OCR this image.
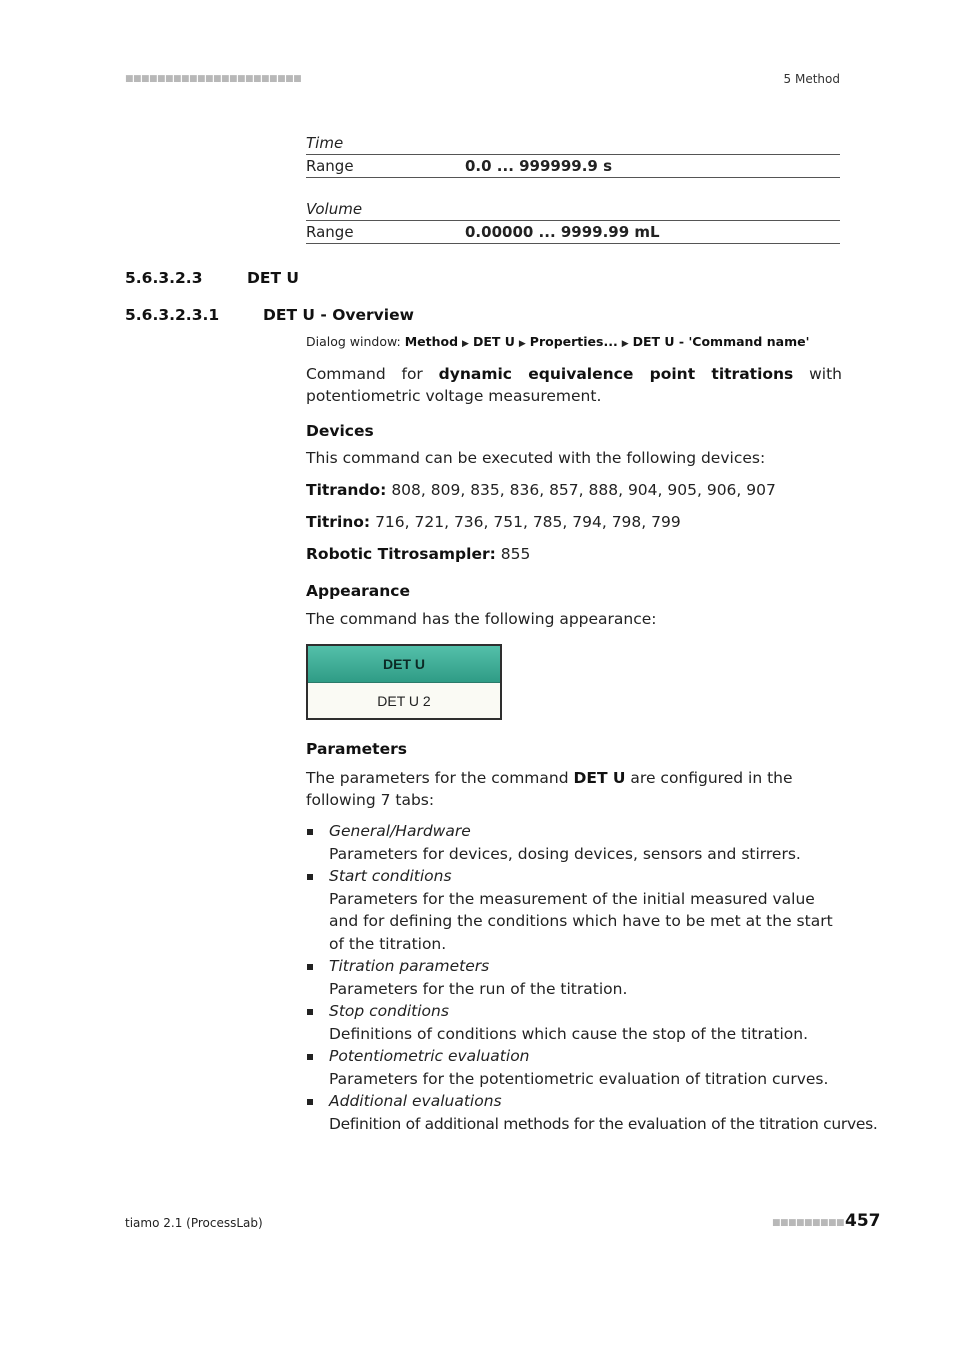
■■■■■■■■■■■■■■■■■■■■■■	5 Method
Time
Range	0.0 ... 999999.9 s
Volume
Range	0.00000 ... 9999.99 mL
5.6.3.2.3	DET U
5.6.3.2.3.1	DET U - Overview
Dialog window: Method ▶ DET U ▶ Properties... ▶ DET U - 'Command name'
Command for dynamic equivalence point titrations with potentiometric voltage measurement.
Devices
This command can be executed with the following devices:
Titrando: 808, 809, 835, 836, 857, 888, 904, 905, 906, 907
Titrino: 716, 721, 736, 751, 785, 794, 798, 799
Robotic Titrosampler: 855
Appearance
The command has the following appearance:
DET U
DET U 2
Parameters
The parameters for the command DET U are configured in the following 7 tabs:
General/Hardware
Parameters for devices, dosing devices, sensors and stirrers.
Start conditions
Parameters for the measurement of the initial measured value and for defining the conditions which have to be met at the start of the titration.
Titration parameters
Parameters for the run of the titration.
Stop conditions
Definitions of conditions which cause the stop of the titration.
Potentiometric evaluation
Parameters for the potentiometric evaluation of titration curves.
Additional evaluations
Definition of additional methods for the evaluation of the titration curves.
tiamo 2.1 (ProcessLab)	■■■■■■■■■ 457
